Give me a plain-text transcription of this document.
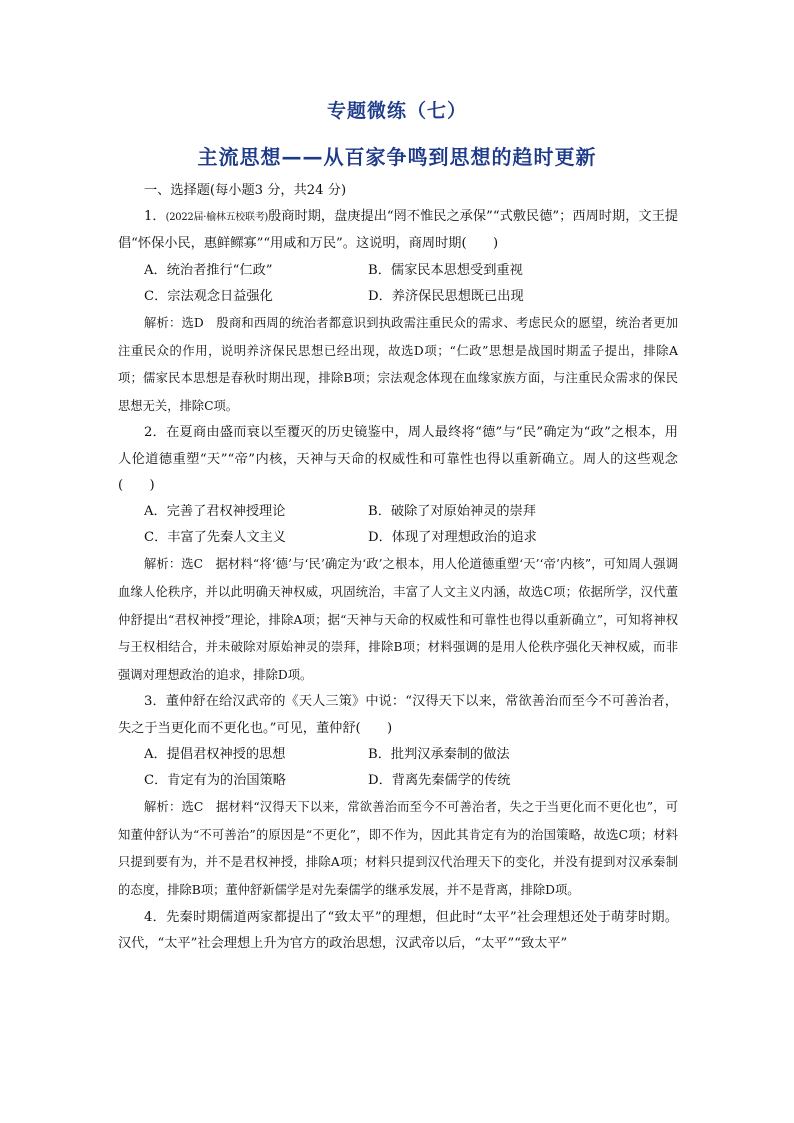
专题微练（七）
主流思想——从百家争鸣到思想的趋时更新

一、选择题(每小题3 分，共24 分)

1．(2022届·榆林五校联考)殷商时期，盘庚提出“罔不惟民之承保”“式敷民德”；西周时期，文王提倡“怀保小民，惠鲜鳏寡”“用咸和万民”。这说明，商周时期(　　)

A．统治者推行“仁政”	B．儒家民本思想受到重视
C．宗法观念日益强化	D．养济保民思想既已出现

解析：选D　殷商和西周的统治者都意识到执政需注重民众的需求、考虑民众的愿望，统治者更加注重民众的作用，说明养济保民思想已经出现，故选D项；“仁政”思想是战国时期孟子提出，排除A项；儒家民本思想是春秋时期出现，排除B项；宗法观念体现在血缘家族方面，与注重民众需求的保民思想无关，排除C项。

2．在夏商由盛而衰以至覆灭的历史镜鉴中，周人最终将“德”与“民”确定为“政”之根本，用人伦道德重塑“天”“帝”内核，天神与天命的权威性和可靠性也得以重新确立。周人的这些观念(　　)

A．完善了君权神授理论	B．破除了对原始神灵的崇拜
C．丰富了先秦人文主义	D．体现了对理想政治的追求

解析：选C　据材料“将‘德’与‘民’确定为‘政’之根本，用人伦道德重塑‘天’‘帝’内核”，可知周人强调血缘人伦秩序，并以此明确天神权威，巩固统治，丰富了人文主义内涵，故选C项；依据所学，汉代董仲舒提出“君权神授”理论，排除A项；据“天神与天命的权威性和可靠性也得以重新确立”，可知将神权与王权相结合，并未破除对原始神灵的崇拜，排除B项；材料强调的是用人伦秩序强化天神权威，而非强调对理想政治的追求，排除D项。

3．董仲舒在给汉武帝的《天人三策》中说：“汉得天下以来，常欲善治而至今不可善治者，失之于当更化而不更化也。”可见，董仲舒(　　)

A．提倡君权神授的思想	B．批判汉承秦制的做法
C．肯定有为的治国策略	D．背离先秦儒学的传统

解析：选C　据材料“汉得天下以来，常欲善治而至今不可善治者，失之于当更化而不更化也”，可知董仲舒认为“不可善治”的原因是“不更化”，即不作为，因此其肯定有为的治国策略，故选C项；材料只提到要有为，并不是君权神授，排除A项；材料只提到汉代治理天下的变化，并没有提到对汉承秦制的态度，排除B项；董仲舒新儒学是对先秦儒学的继承发展，并不是背离，排除D项。

4．先秦时期儒道两家都提出了“致太平”的理想，但此时“太平”社会理想还处于萌芽时期。汉代，“太平”社会理想上升为官方的政治思想，汉武帝以后，“太平”“致太平”
